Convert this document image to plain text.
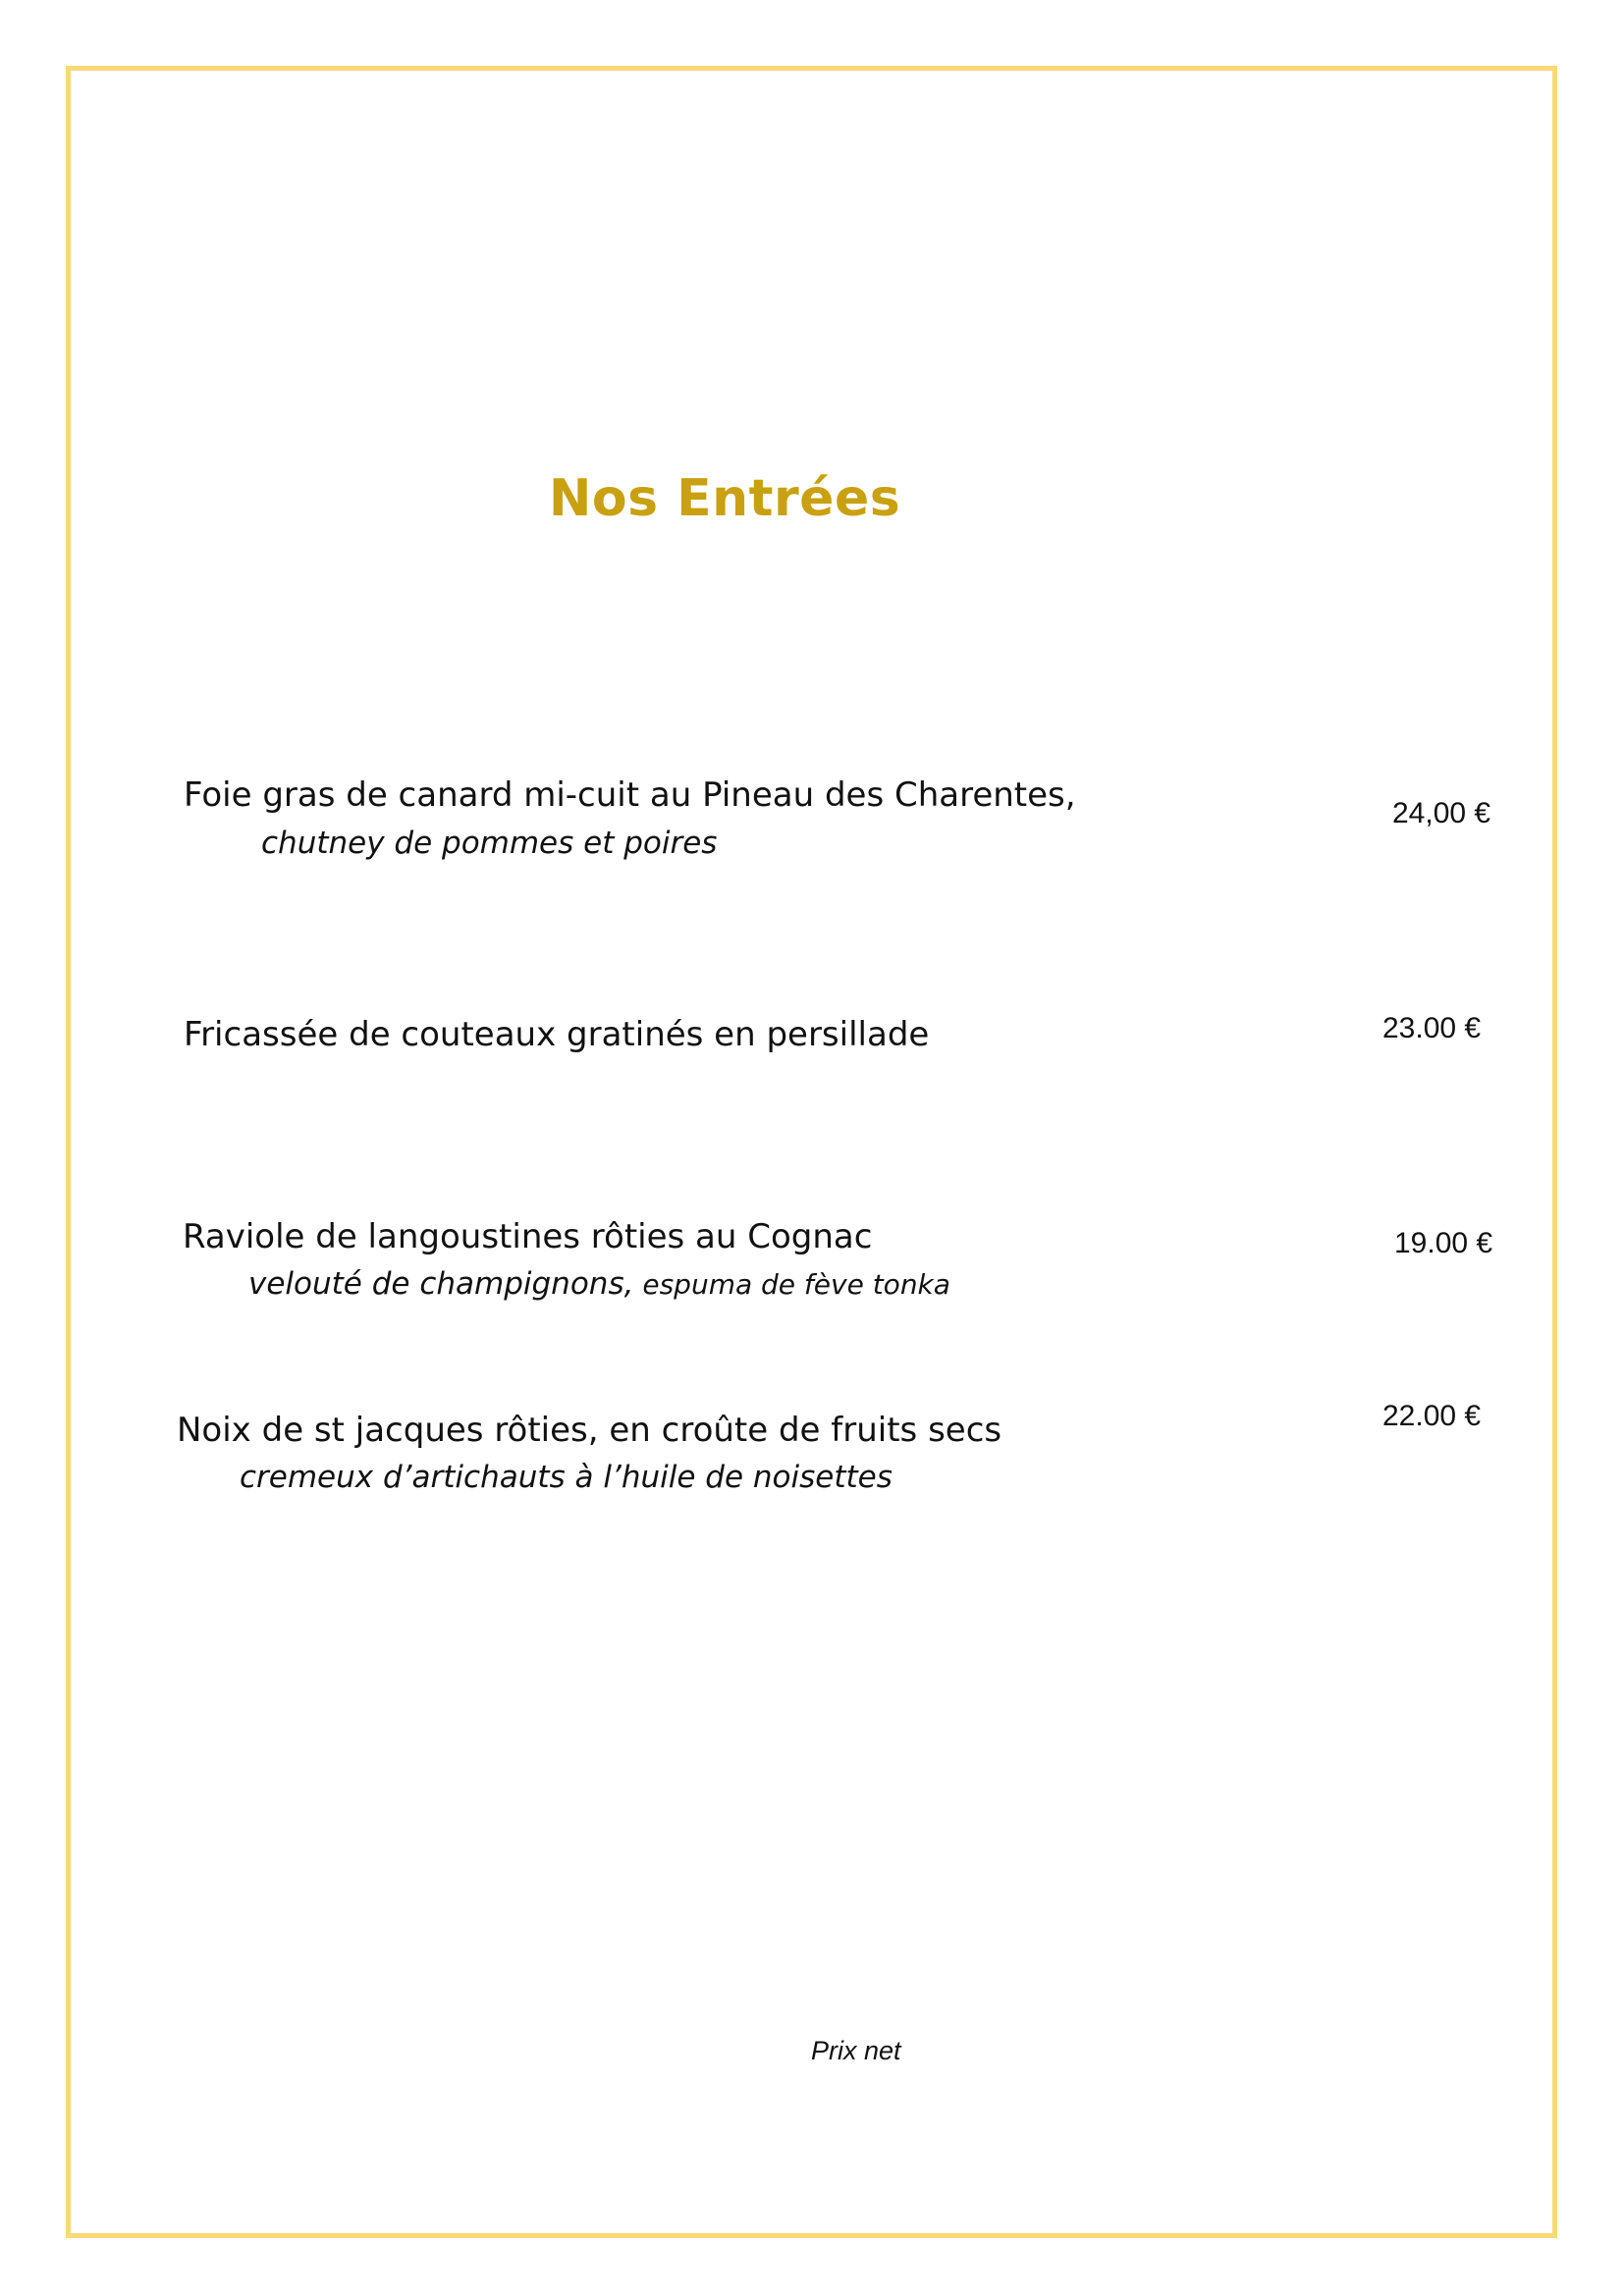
Nos Entrées
Foie gras de canard mi-cuit au Pineau des Charentes,
chutney de pommes et poires
24,00 €
Fricassée de couteaux gratinés en persillade	23.00 €
Raviole de langoustines rôties au Cognac
velouté de champignons, espuma de fève tonka
19.00 €
Noix de st jacques rôties, en croûte de fruits secs
cremeux d’artichauts à l’huile de noisettes
22.00 €
Prix net
